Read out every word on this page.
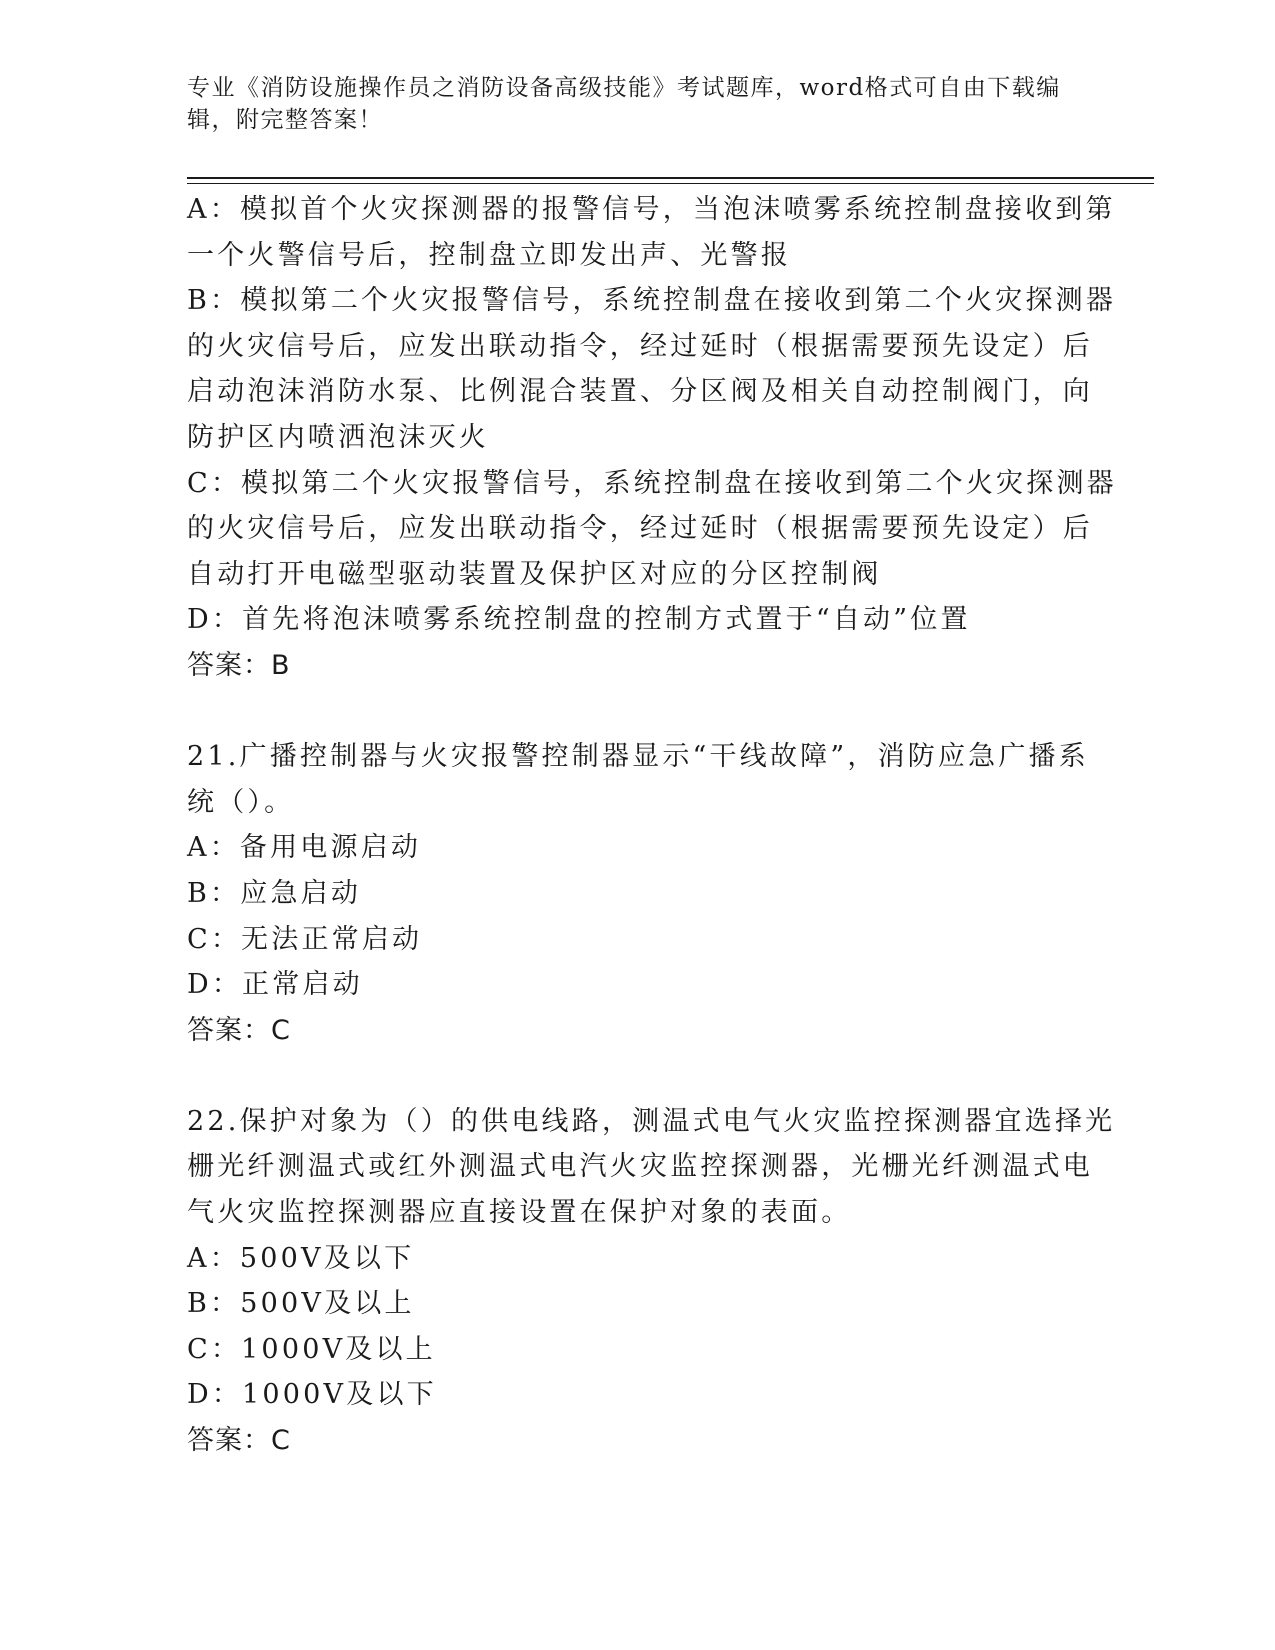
专业《消防设施操作员之消防设备高级技能》考试题库，word格式可自由下载编
辑，附完整答案！
A：模拟首个火灾探测器的报警信号，当泡沫喷雾系统控制盘接收到第
一个火警信号后，控制盘立即发出声、光警报
B：模拟第二个火灾报警信号，系统控制盘在接收到第二个火灾探测器
的火灾信号后，应发出联动指令，经过延时（根据需要预先设定）后
启动泡沫消防水泵、比例混合装置、分区阀及相关自动控制阀门，向
防护区内喷洒泡沫灭火
C：模拟第二个火灾报警信号，系统控制盘在接收到第二个火灾探测器
的火灾信号后，应发出联动指令，经过延时（根据需要预先设定）后
自动打开电磁型驱动装置及保护区对应的分区控制阀
D：首先将泡沫喷雾系统控制盘的控制方式置于“自动”位置
答案：B
21.广播控制器与火灾报警控制器显示“干线故障”，消防应急广播系
统（）。
A：备用电源启动
B：应急启动
C：无法正常启动
D：正常启动
答案：C
22.保护对象为（）的供电线路，测温式电气火灾监控探测器宜选择光
栅光纤测温式或红外测温式电汽火灾监控探测器，光栅光纤测温式电
气火灾监控探测器应直接设置在保护对象的表面。
A：500V及以下
B：500V及以上
C：1000V及以上
D：1000V及以下
答案：C
